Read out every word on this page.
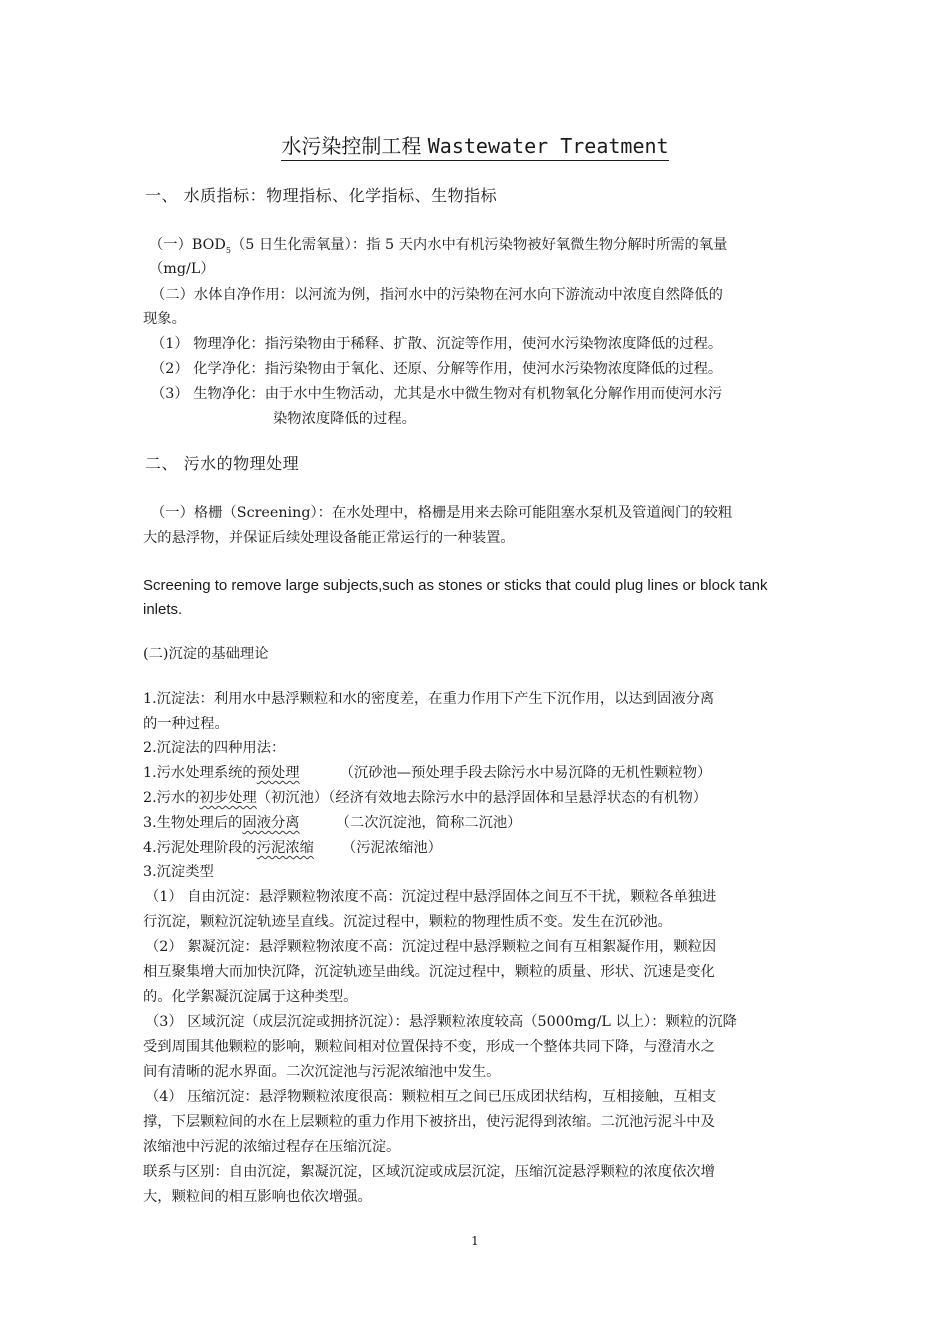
水污染控制工程 Wastewater Treatment

一、 水质指标：物理指标、化学指标、生物指标

（一）$BOD_5(5$ 日生化需氧量）：指 5 天内水中有机污染物被好氧微生物分解时所需的氧量

（mg/L）

（二）水体自净作用：以河流为例，指河水中的污染物在河水向下游流动中浓度自然降低的

现象。

（1） 物理净化：指污染物由于稀释、扩散、沉淀等作用，使河水污染物浓度降低的过程。

（2） 化学净化：指污染物由于氧化、还原、分解等作用，使河水污染物浓度降低的过程。

（3） 生物净化：由于水中生物活动，尤其是水中微生物对有机物氧化分解作用而使河水污

染物浓度降低的过程。

二、 污水的物理处理

（一）格栅（Screening）：在水处理中，格栅是用来去除可能阻塞水泵机及管道阀门的较粗

大的悬浮物，并保证后续处理设备能正常运行的一种装置。

Screening to remove large subjects,such as stones or sticks that could plug lines or block tank

inlets.

(二)沉淀的基础理论

1.沉淀法：利用水中悬浮颗粒和水的密度差，在重力作用下产生下沉作用，以达到固液分离

的一种过程。

2.沉淀法的四种用法：

1.污水处理系统的预处理	（沉砂池—预处理手段去除污水中易沉降的无机性颗粒物）

2.污水的初步处理（初沉池）（经济有效地去除污水中的悬浮固体和呈悬浮状态的有机物）

3.生物处理后的固液分离	（二次沉淀池，简称二沉池）

4.污泥处理阶段的污泥浓缩 （污泥浓缩池）

3.沉淀类型

（1） 自由沉淀：悬浮颗粒物浓度不高：沉淀过程中悬浮固体之间互不干扰，颗粒各单独进

行沉淀，颗粒沉淀轨迹呈直线。沉淀过程中，颗粒的物理性质不变。发生在沉砂池。

（2） 絮凝沉淀：悬浮颗粒物浓度不高：沉淀过程中悬浮颗粒之间有互相絮凝作用，颗粒因

相互聚集增大而加快沉降，沉淀轨迹呈曲线。沉淀过程中，颗粒的质量、形状、沉速是变化

的。化学絮凝沉淀属于这种类型。

（3） 区域沉淀（成层沉淀或拥挤沉淀）：悬浮颗粒浓度较高（5000mg/L 以上）：颗粒的沉降

受到周围其他颗粒的影响，颗粒间相对位置保持不变，形成一个整体共同下降，与澄清水之

间有清晰的泥水界面。二次沉淀池与污泥浓缩池中发生。

（4） 压缩沉淀：悬浮物颗粒浓度很高：颗粒相互之间已压成团状结构，互相接触，互相支

撑，下层颗粒间的水在上层颗粒的重力作用下被挤出，使污泥得到浓缩。二沉池污泥斗中及

浓缩池中污泥的浓缩过程存在压缩沉淀。

联系与区别：自由沉淀，絮凝沉淀，区域沉淀或成层沉淀，压缩沉淀悬浮颗粒的浓度依次增

大，颗粒间的相互影响也依次增强。

1
